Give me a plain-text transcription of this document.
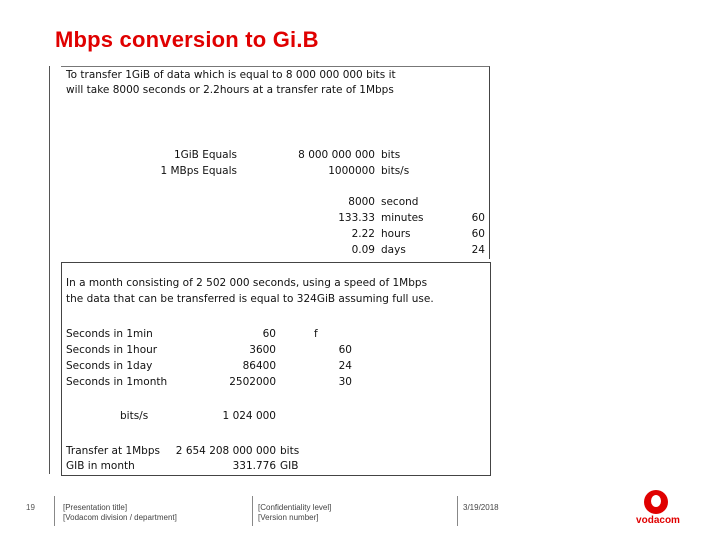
Mbps conversion to Gi.B
To transfer 1GiB of data which is equal to 8 000 000 000 bits it
will take 8000 seconds or 2.2hours at a transfer rate of 1Mbps
1GiB Equals	8 000 000 000 bits
1 MBps Equals	1000000 bits/s
8000 second
133.33 minutes	60
2.22 hours	60
0.09 days	24
In a month consisting of 2 502 000 seconds, using a speed of 1Mbps
the data that can be transferred is equal to 324GiB assuming full use.
Seconds in 1min	60	f
Seconds in 1hour	3600	60
Seconds in 1day	86400	24
Seconds in 1month	2502000	30
bits/s	1 024 000
Transfer at 1Mbps	2 654 208 000 000 bits
GIB in month	331.776 GIB
19	[Presentation title]
[Vodacom division / department]
[Confidentiality level]
[Version number]
3/19/2018
vodacom
